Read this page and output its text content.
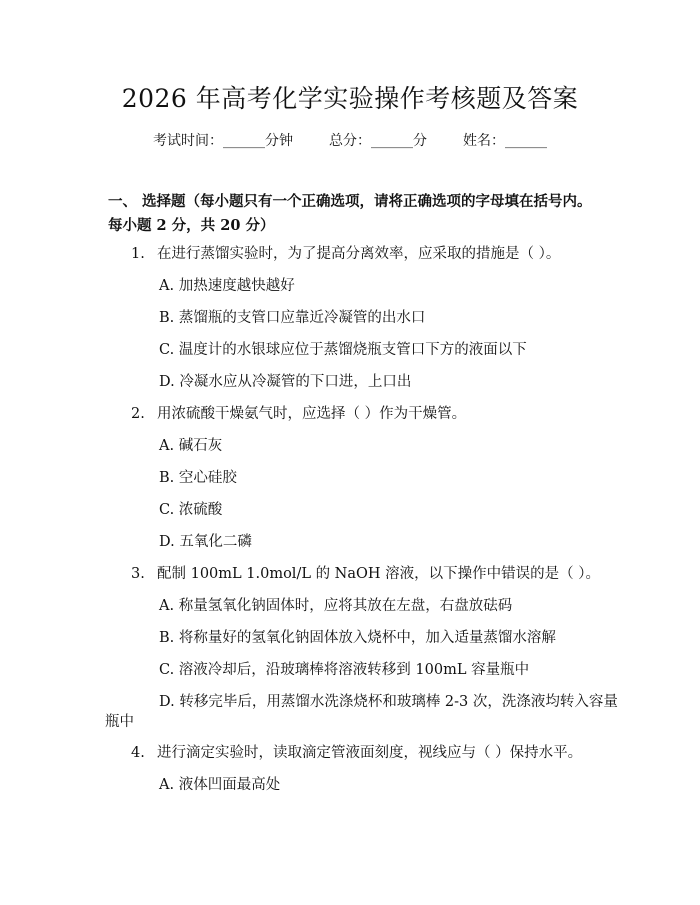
2026 年高考化学实验操作考核题及答案
考试时间：______分钟	总分：______分	姓名：______
一、 选择题（每小题只有一个正确选项，请将正确选项的字母填在括号内。每小题 2 分，共 20 分）
1. 在进行蒸馏实验时，为了提高分离效率，应采取的措施是（ ）。
A. 加热速度越快越好
B. 蒸馏瓶的支管口应靠近冷凝管的出水口
C. 温度计的水银球应位于蒸馏烧瓶支管口下方的液面以下
D. 冷凝水应从冷凝管的下口进，上口出
2. 用浓硫酸干燥氨气时，应选择（ ）作为干燥管。
A. 碱石灰
B. 空心硅胶
C. 浓硫酸
D. 五氧化二磷
3. 配制 100mL 1.0mol/L 的 NaOH 溶液，以下操作中错误的是（ ）。
A. 称量氢氧化钠固体时，应将其放在左盘，右盘放砝码
B. 将称量好的氢氧化钠固体放入烧杯中，加入适量蒸馏水溶解
C. 溶液冷却后，沿玻璃棒将溶液转移到 100mL 容量瓶中
D. 转移完毕后，用蒸馏水洗涤烧杯和玻璃棒 2-3 次，洗涤液均转入容量
瓶中
4. 进行滴定实验时，读取滴定管液面刻度，视线应与（ ）保持水平。
A. 液体凹面最高处
